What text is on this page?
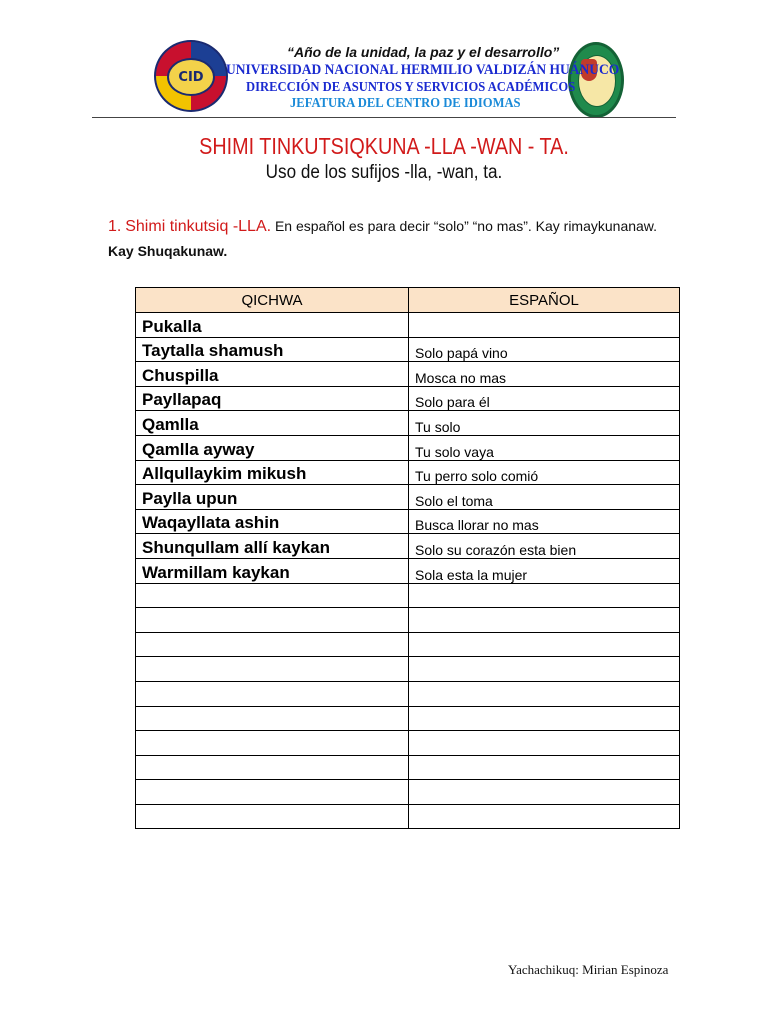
CID
“Año de la unidad, la paz y el desarrollo”
UNIVERSIDAD NACIONAL HERMILIO VALDIZÁN HUÁNUCO
DIRECCIÓN DE ASUNTOS Y SERVICIOS ACADÉMICOS
JEFATURA DEL CENTRO DE IDIOMAS
SHIMI TINKUTSIQKUNA -LLA -WAN - TA.
Uso de los sufijos -lla, -wan, ta.
1. Shimi tinkutsiq -LLA. En español es para decir “solo” “no mas”. Kay rimaykunanaw. Kay Shuqakunaw.
QICHWA	ESPAÑOL
Pukalla	
Taytalla shamush	Solo papá vino
Chuspilla	Mosca no mas
Payllapaq	Solo para él
Qamlla	Tu solo
Qamlla ayway	Tu solo vaya
Allqullaykim mikush	Tu perro solo comió
Paylla upun	Solo el toma
Waqayllata ashin	Busca llorar no mas
Shunqullam allí kaykan	Solo su corazón esta bien
Warmillam kaykan	Sola esta la mujer

Yachachikuq: Mirian Espinoza
